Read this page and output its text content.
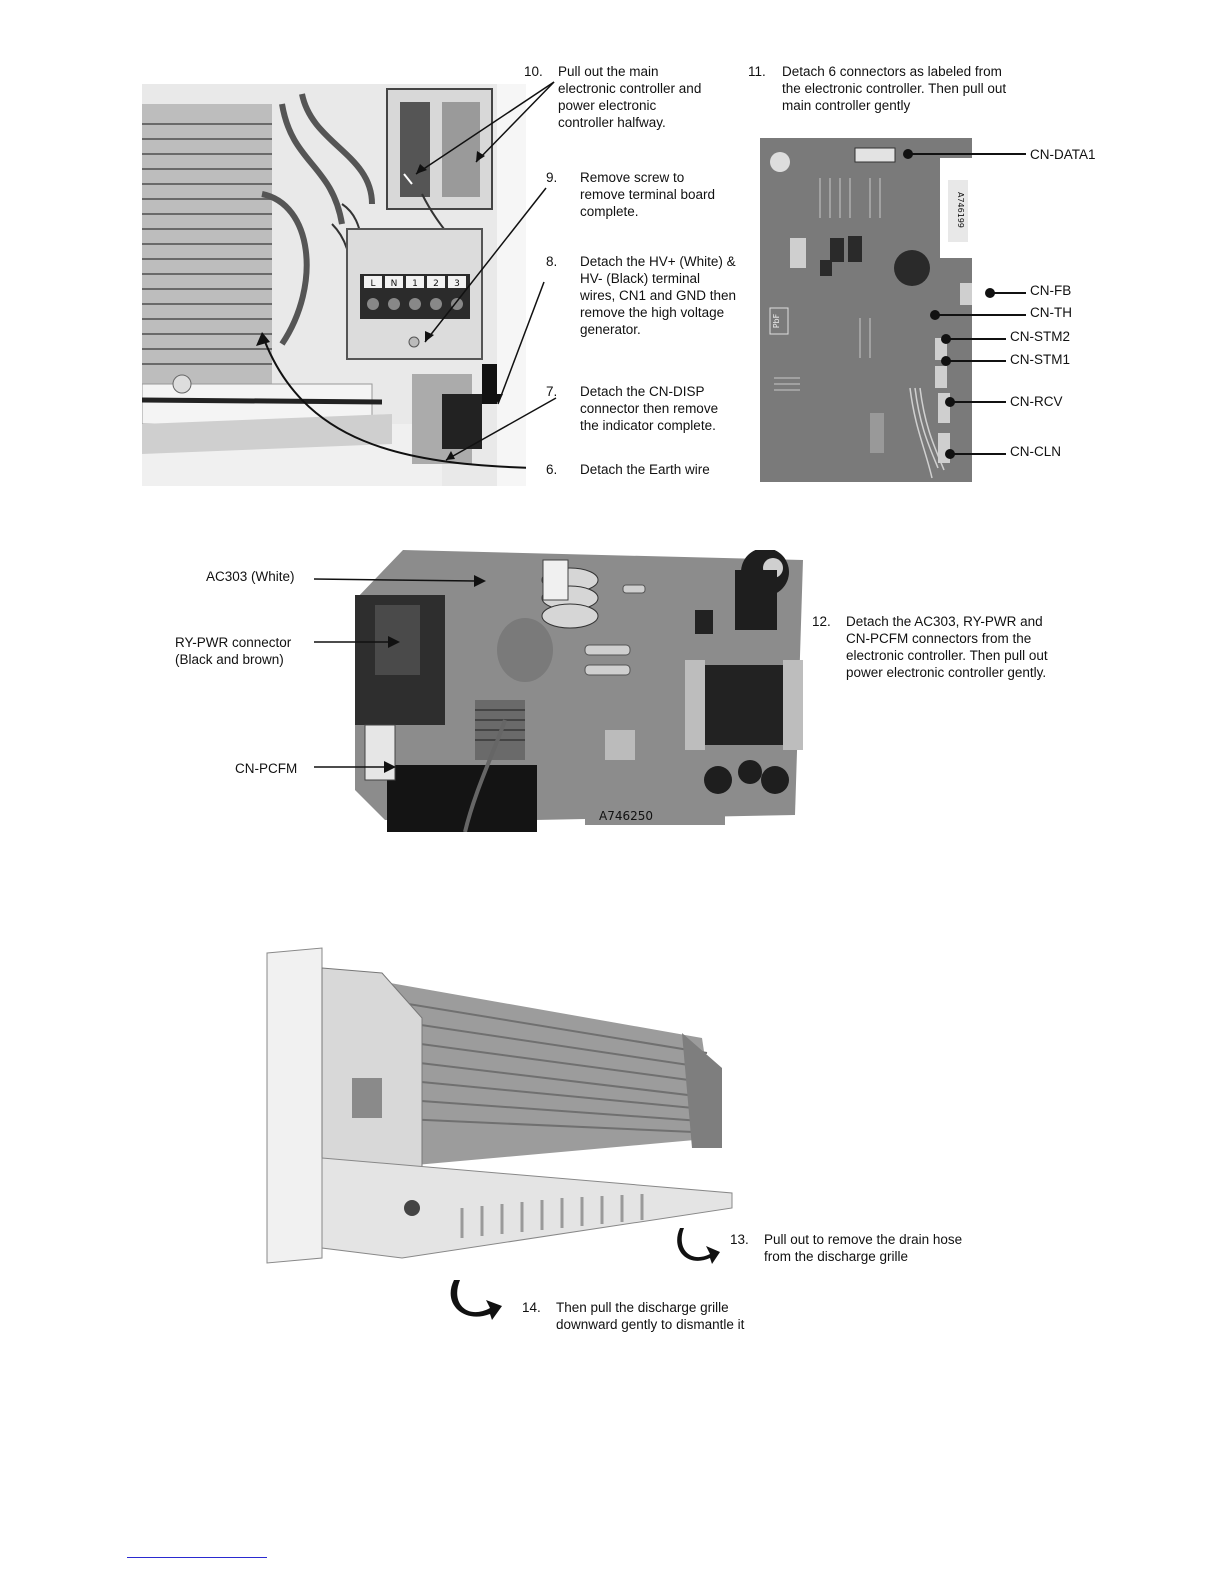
L N 1 2 3
10. Pull out the main
electronic controller and
power electronic
controller halfway.
9. Remove screw to
remove terminal board
complete.
8. Detach the HV+ (White) &
HV- (Black) terminal
wires, CN1 and GND then
remove the high voltage
generator.
7. Detach the CN-DISP
connector then remove
the indicator complete.
6. Detach the Earth wire
11. Detach 6 connectors as labeled from
the electronic controller. Then pull out
main controller gently
A746199
PbF
CN-DATA1
CN-FB
CN-TH
CN-STM2
CN-STM1
CN-RCV
CN-CLN
A746250
AC303 (White)
RY-PWR connector
(Black and brown)
CN-PCFM
12. Detach the AC303, RY-PWR and
CN-PCFM connectors from the
electronic controller. Then pull out
power electronic controller gently.
13. Pull out to remove the drain hose
from the discharge grille
14. Then pull the discharge grille
downward gently to dismantle it
